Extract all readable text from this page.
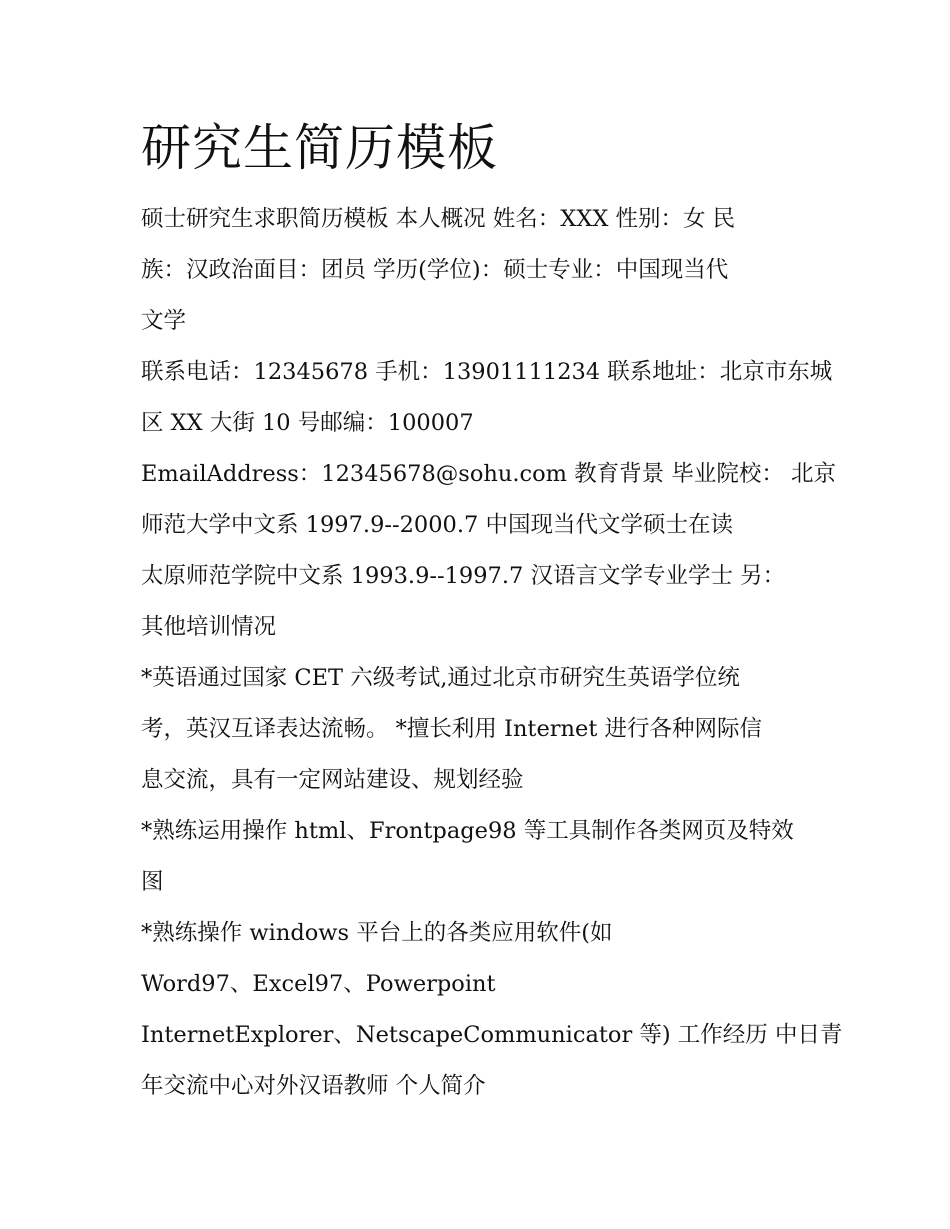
研究生简历模板

硕士研究生求职简历模板 本人概况 姓名：XXX 性别：女 民

族：汉政治面目：团员 学历(学位)：硕士专业：中国现当代

文学

联系电话：12345678 手机：13901111234 联系地址：北京市东城

区 XX 大街 10 号邮编：100007

EmailAddress：12345678@sohu.com 教育背景 毕业院校： 北京

师范大学中文系 1997.9--2000.7 中国现当代文学硕士在读

太原师范学院中文系 1993.9--1997.7 汉语言文学专业学士 另：

其他培训情况

*英语通过国家 CET 六级考试,通过北京市研究生英语学位统

考，英汉互译表达流畅。 *擅长利用 Internet 进行各种网际信

息交流，具有一定网站建设、规划经验

*熟练运用操作 html、Frontpage98 等工具制作各类网页及特效

图

*熟练操作 windows 平台上的各类应用软件(如

Word97、Excel97、Powerpoint

InternetExplorer、NetscapeCommunicator 等) 工作经历 中日青

年交流中心对外汉语教师 个人简介
